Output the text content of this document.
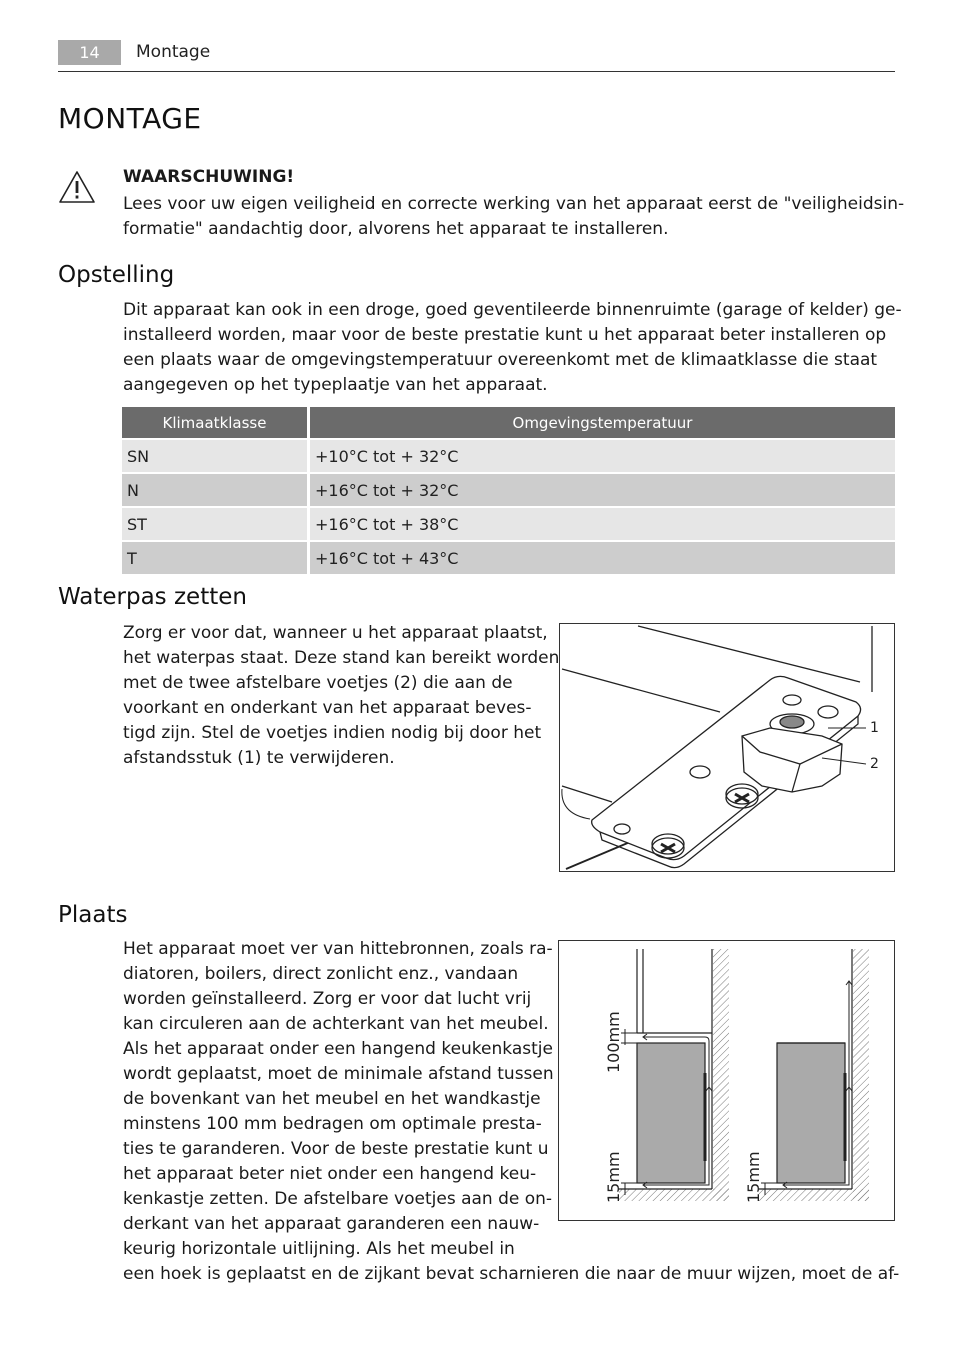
14	Montage
MONTAGE
WAARSCHUWING!
Lees voor uw eigen veiligheid en correcte werking van het apparaat eerst de "veiligheidsin-
formatie" aandachtig door, alvorens het apparaat te installeren.
Opstelling
Dit apparaat kan ook in een droge, goed geventileerde binnenruimte (garage of kelder) ge-
installeerd worden, maar voor de beste prestatie kunt u het apparaat beter installeren op
een plaats waar de omgevingstemperatuur overeenkomt met de klimaatklasse die staat
aangegeven op het typeplaatje van het apparaat.
Klimaatklasse	Omgevingstemperatuur
SN	+10°C tot + 32°C
N	+16°C tot + 32°C
ST	+16°C tot + 38°C
T	+16°C tot + 43°C
Waterpas zetten
Zorg er voor dat, wanneer u het apparaat plaatst,
het waterpas staat. Deze stand kan bereikt worden
met de twee afstelbare voetjes (2) die aan de
voorkant en onderkant van het apparaat beves-
tigd zijn. Stel de voetjes indien nodig bij door het
afstandsstuk (1) te verwijderen.
1
2
Plaats
Het apparaat moet ver van hittebronnen, zoals ra-
diatoren, boilers, direct zonlicht enz., vandaan
worden geïnstalleerd. Zorg er voor dat lucht vrij
kan circuleren aan de achterkant van het meubel.
Als het apparaat onder een hangend keukenkastje
wordt geplaatst, moet de minimale afstand tussen
de bovenkant van het meubel en het wandkastje
minstens 100 mm bedragen om optimale presta-
ties te garanderen. Voor de beste prestatie kunt u
het apparaat beter niet onder een hangend keu-
kenkastje zetten. De afstelbare voetjes aan de on-
derkant van het apparaat garanderen een nauw-
keurig horizontale uitlijning. Als het meubel in
een hoek is geplaatst en de zijkant bevat scharnieren die naar de muur wijzen, moet de af-
100mm
15mm	15mm
